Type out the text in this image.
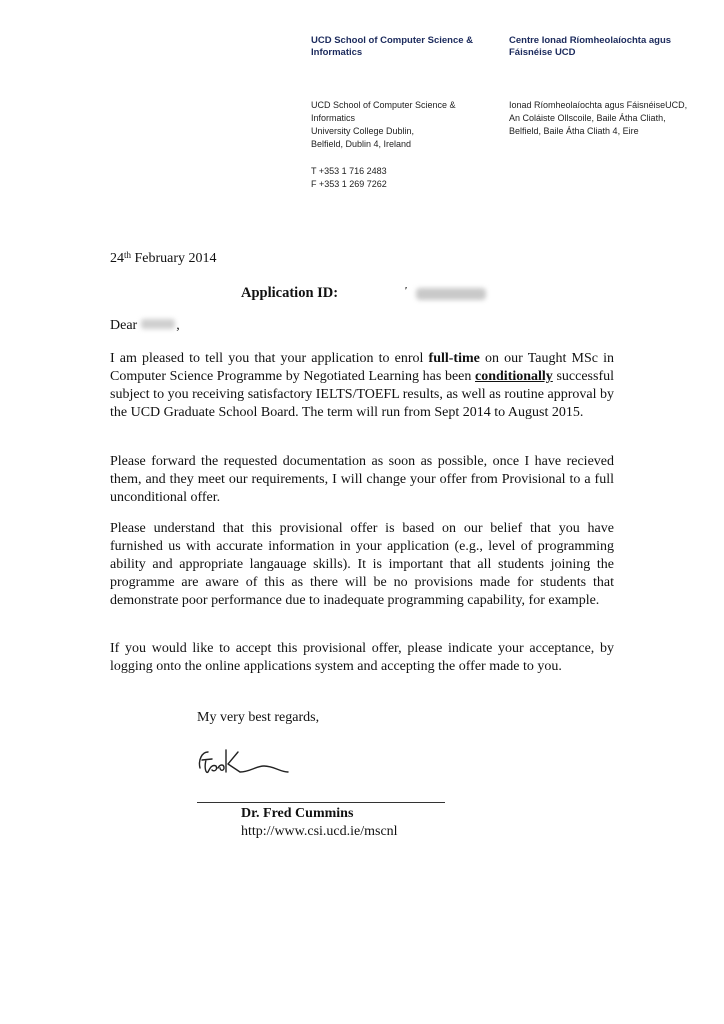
UCD School of Computer Science &
Informatics
Centre Ionad Ríomheolaíochta agus
Fáisnéise UCD
UCD School of Computer Science &
Informatics
University College Dublin,
Belfield, Dublin 4, Ireland
Ionad Ríomheolaíochta agus FáisnéiseUCD,
An Coláiste Ollscoile, Baile Átha Cliath,
Belfield, Baile Átha Cliath 4, Eire
T +353 1 716 2483
F +353 1 269 7262
24th February 2014
Application ID:	'
Dear	,
I am pleased to tell you that your application to enrol full-time on our Taught MSc in Computer Science Programme by Negotiated Learning has been conditionally successful subject to you receiving satisfactory IELTS/TOEFL results, as well as routine approval by the UCD Graduate School Board. The term will run from Sept 2014 to August 2015.
Please forward the requested documentation as soon as possible, once I have recieved them, and they meet our requirements, I will change your offer from Provisional to a full unconditional offer.
Please understand that this provisional offer is based on our belief that you have furnished us with accurate information in your application (e.g., level of programming ability and appropriate langauage skills). It is important that all students joining the programme are aware of this as there will be no provisions made for students that demonstrate poor performance due to inadequate programming capability, for example.
If you would like to accept this provisional offer, please indicate your acceptance, by logging onto the online applications system and accepting the offer made to you.
My very best regards,
Dr. Fred Cummins
http://www.csi.ucd.ie/mscnl
